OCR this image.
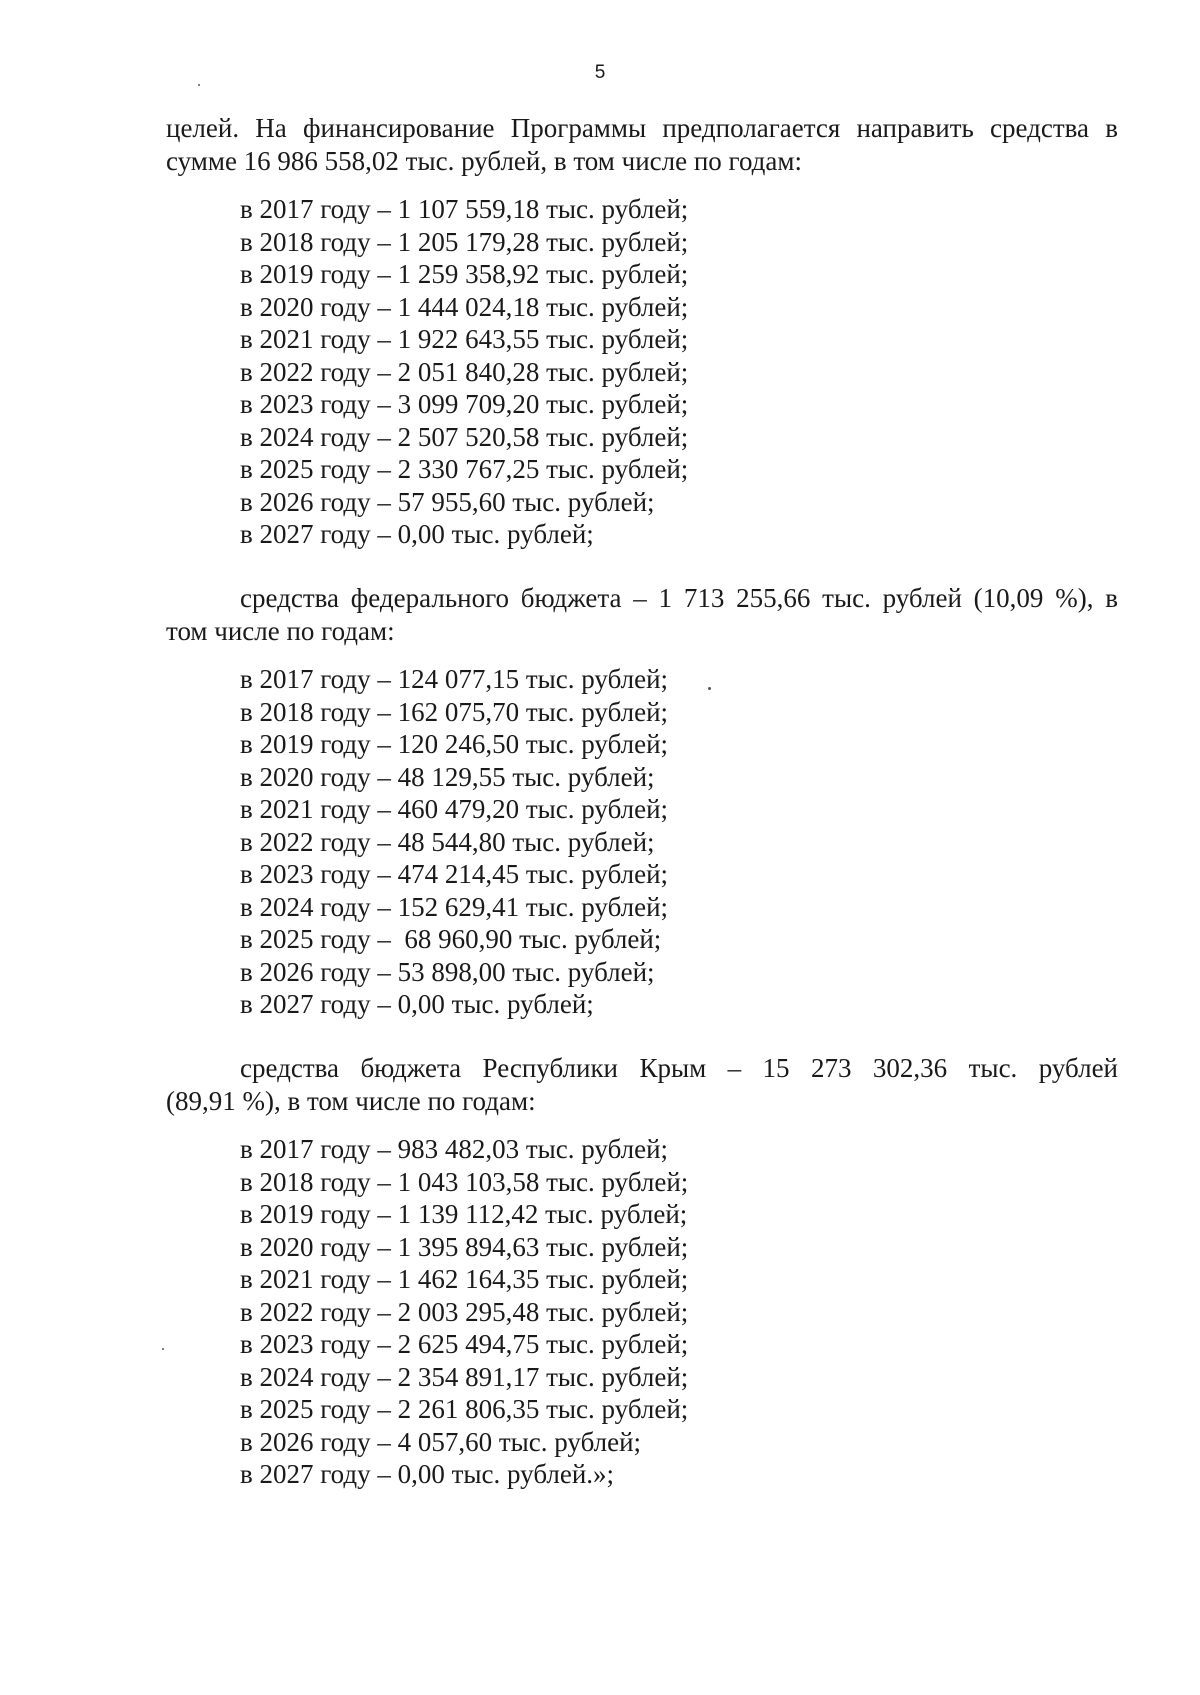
5
целей. На финансирование Программы предполагается направить средства в
сумме 16 986 558,02 тыс. рублей, в том числе по годам:
в 2017 году – 1 107 559,18 тыс. рублей;
в 2018 году – 1 205 179,28 тыс. рублей;
в 2019 году – 1 259 358,92 тыс. рублей;
в 2020 году – 1 444 024,18 тыс. рублей;
в 2021 году – 1 922 643,55 тыс. рублей;
в 2022 году – 2 051 840,28 тыс. рублей;
в 2023 году – 3 099 709,20 тыс. рублей;
в 2024 году – 2 507 520,58 тыс. рублей;
в 2025 году – 2 330 767,25 тыс. рублей;
в 2026 году – 57 955,60 тыс. рублей;
в 2027 году – 0,00 тыс. рублей;
средства федерального бюджета – 1 713 255,66 тыс. рублей (10,09 %), в
том числе по годам:
в 2017 году – 124 077,15 тыс. рублей;
в 2018 году – 162 075,70 тыс. рублей;
в 2019 году – 120 246,50 тыс. рублей;
в 2020 году – 48 129,55 тыс. рублей;
в 2021 году – 460 479,20 тыс. рублей;
в 2022 году – 48 544,80 тыс. рублей;
в 2023 году – 474 214,45 тыс. рублей;
в 2024 году – 152 629,41 тыс. рублей;
в 2025 году –  68 960,90 тыс. рублей;
в 2026 году – 53 898,00 тыс. рублей;
в 2027 году – 0,00 тыс. рублей;
средства бюджета Республики Крым – 15 273 302,36 тыс. рублей
(89,91 %), в том числе по годам:
в 2017 году – 983 482,03 тыс. рублей;
в 2018 году – 1 043 103,58 тыс. рублей;
в 2019 году – 1 139 112,42 тыс. рублей;
в 2020 году – 1 395 894,63 тыс. рублей;
в 2021 году – 1 462 164,35 тыс. рублей;
в 2022 году – 2 003 295,48 тыс. рублей;
в 2023 году – 2 625 494,75 тыс. рублей;
в 2024 году – 2 354 891,17 тыс. рублей;
в 2025 году – 2 261 806,35 тыс. рублей;
в 2026 году – 4 057,60 тыс. рублей;
в 2027 году – 0,00 тыс. рублей.»;
